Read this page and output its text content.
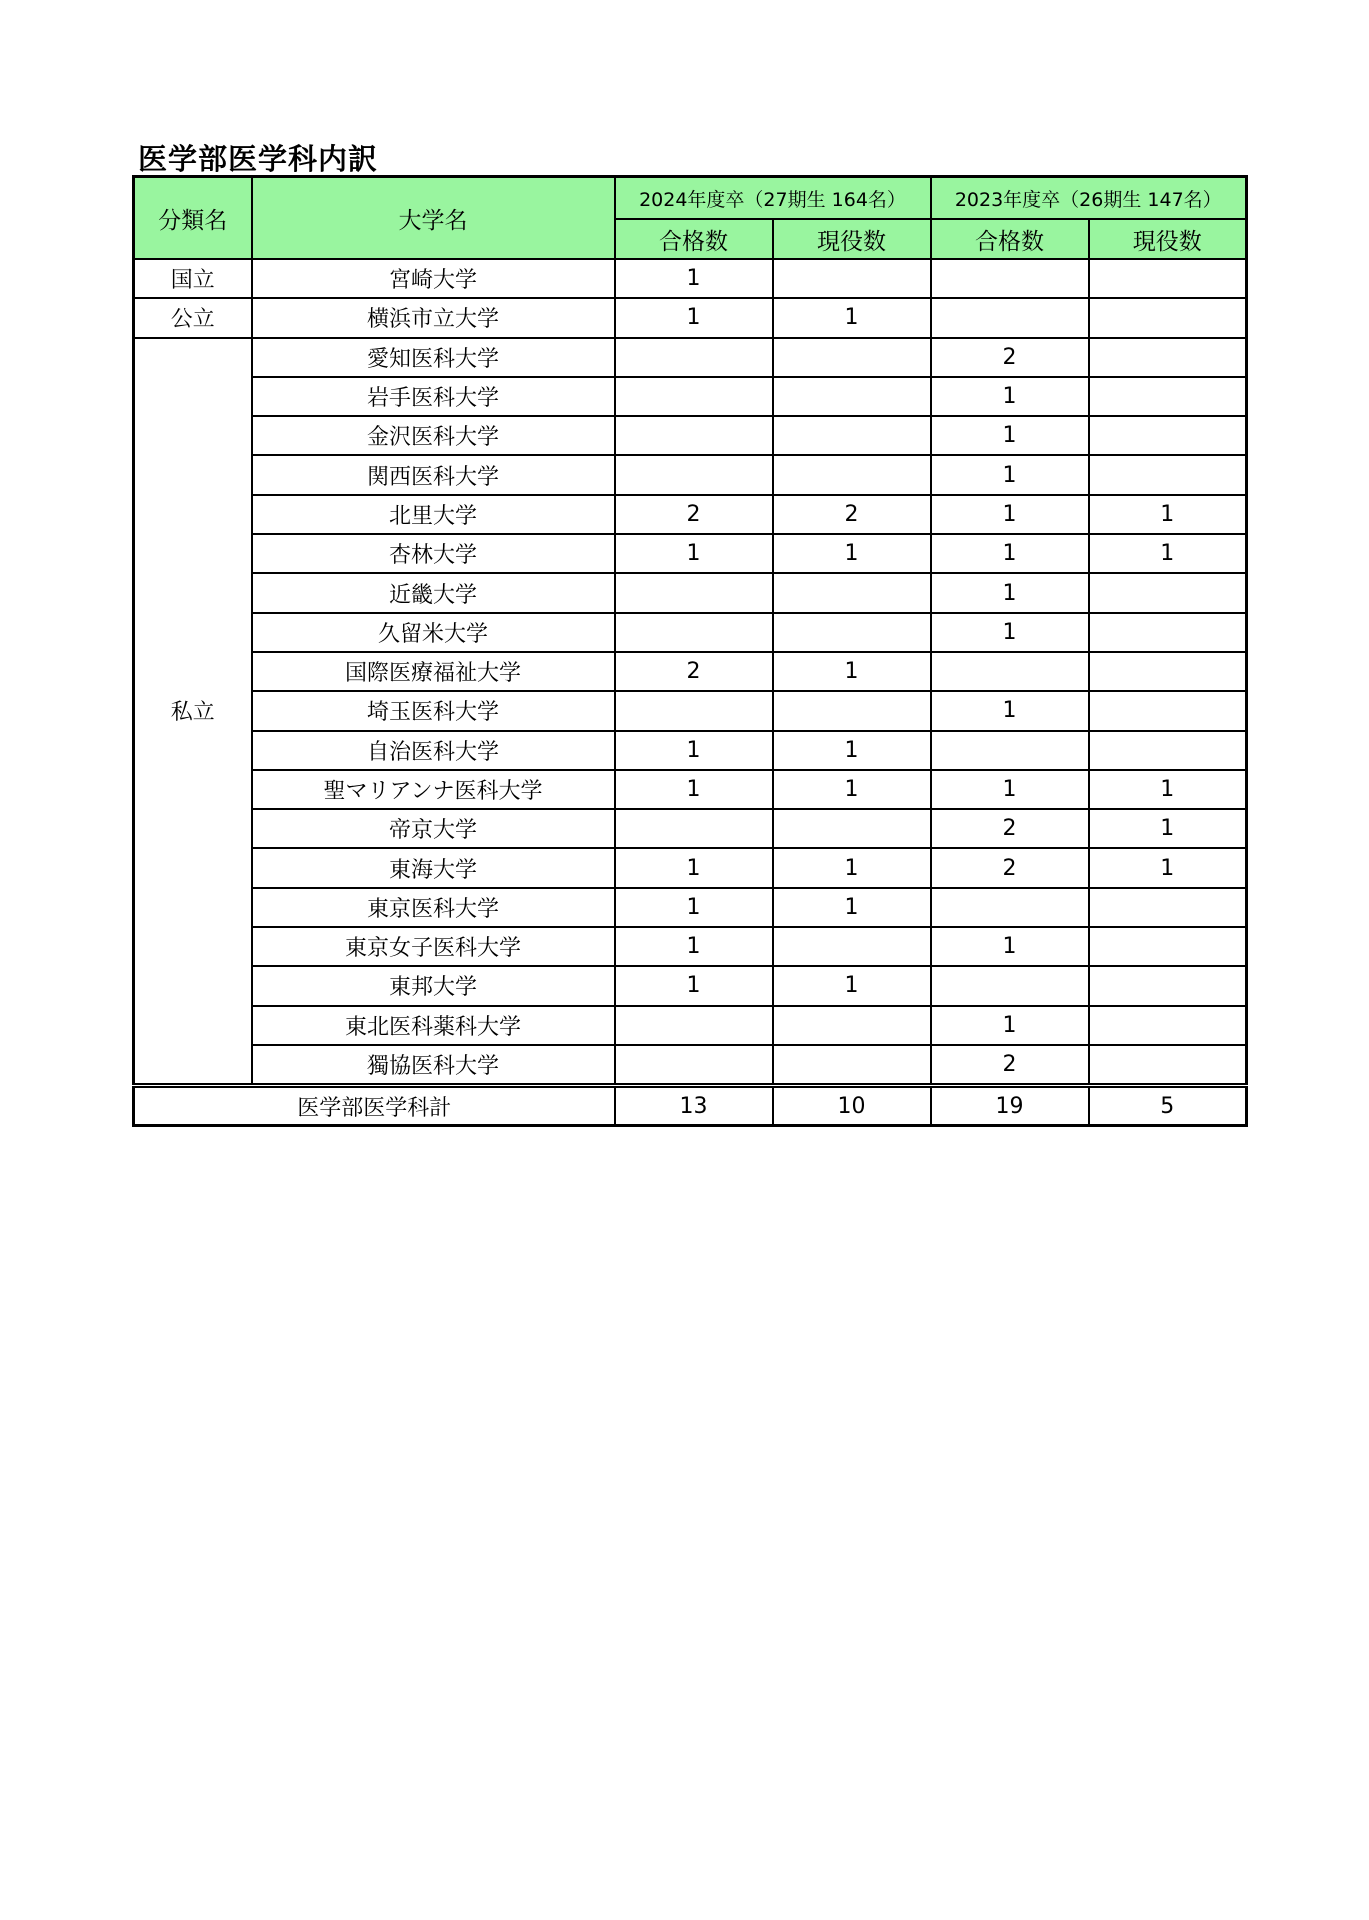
医学部医学科内訳
分類名	大学名	2024年度卒（27期生 164名）		2023年度卒（26期生 147名）	
		合格数	現役数	合格数	現役数
国立	宮崎大学	1			
公立	横浜市立大学	1	1		
私立	愛知医科大学			2	
	岩手医科大学			1	
	金沢医科大学			1	
	関西医科大学			1	
	北里大学	2	2	1	1
	杏林大学	1	1	1	1
	近畿大学			1	
	久留米大学			1	
	国際医療福祉大学	2	1		
	埼玉医科大学			1	
	自治医科大学	1	1		
	聖マリアンナ医科大学	1	1	1	1
	帝京大学			2	1
	東海大学	1	1	2	1
	東京医科大学	1	1		
	東京女子医科大学	1		1	
	東邦大学	1	1		
	東北医科薬科大学			1	
	獨協医科大学			2	
医学部医学科計		13	10	19	5
